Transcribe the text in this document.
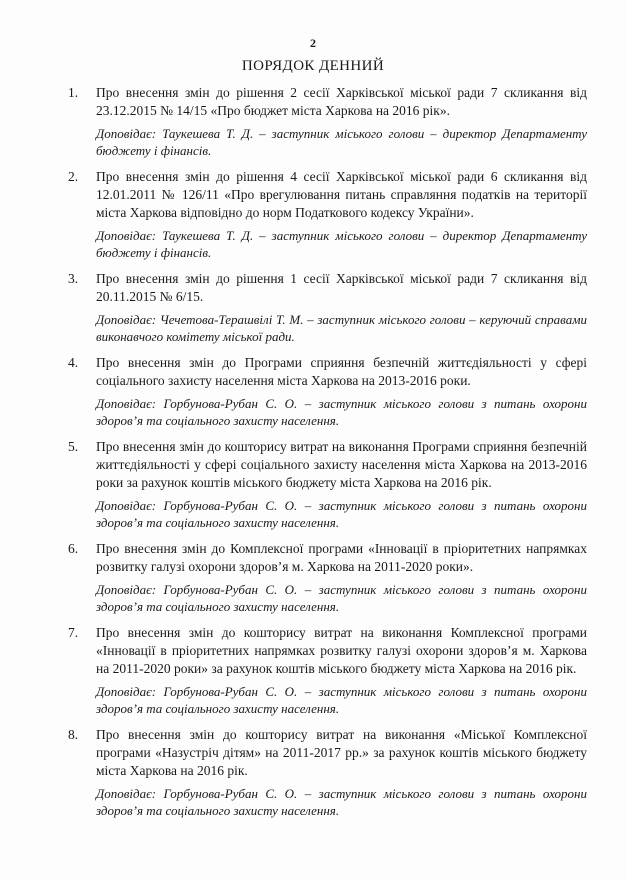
2
ПОРЯДОК ДЕННИЙ
1. Про внесення змін до рішення 2 сесії Харківської міської ради 7 скликання від 23.12.2015 № 14/15 «Про бюджет міста Харкова на 2016 рік».

Доповідає: Таукешева Т. Д. – заступник міського голови – директор Департаменту бюджету і фінансів.

2. Про внесення змін до рішення 4 сесії Харківської міської ради 6 скликання від 12.01.2011 № 126/11 «Про врегулювання питань справляння податків на території міста Харкова відповідно до норм Податкового кодексу України».

Доповідає: Таукешева Т. Д. – заступник міського голови – директор Департаменту бюджету і фінансів.

3. Про внесення змін до рішення 1 сесії Харківської міської ради 7 скликання від 20.11.2015 № 6/15.

Доповідає: Чечетова-Терашвілі Т. М. – заступник міського голови – керуючий справами виконавчого комітету міської ради.

4. Про внесення змін до Програми сприяння безпечній життєдіяльності у сфері соціального захисту населення міста Харкова на 2013-2016 роки.

Доповідає: Горбунова-Рубан С. О. – заступник міського голови з питань охорони здоров’я та соціального захисту населення.

5. Про внесення змін до кошторису витрат на виконання Програми сприяння безпечній життєдіяльності у сфері соціального захисту населення міста Харкова на 2013-2016 роки за рахунок коштів міського бюджету міста Харкова на 2016 рік.

Доповідає: Горбунова-Рубан С. О. – заступник міського голови з питань охорони здоров’я та соціального захисту населення.

6. Про внесення змін до Комплексної програми «Інновації в пріоритетних напрямках розвитку галузі охорони здоров’я м. Харкова на 2011-2020 роки».

Доповідає: Горбунова-Рубан С. О. – заступник міського голови з питань охорони здоров’я та соціального захисту населення.

7. Про внесення змін до кошторису витрат на виконання Комплексної програми «Інновації в пріоритетних напрямках розвитку галузі охорони здоров’я м. Харкова на 2011-2020 роки» за рахунок коштів міського бюджету міста Харкова на 2016 рік.

Доповідає: Горбунова-Рубан С. О. – заступник міського голови з питань охорони здоров’я та соціального захисту населення.

8. Про внесення змін до кошторису витрат на виконання «Міської Комплексної програми «Назустріч дітям» на 2011-2017 рр.» за рахунок коштів міського бюджету міста Харкова на 2016 рік.

Доповідає: Горбунова-Рубан С. О. – заступник міського голови з питань охорони здоров’я та соціального захисту населення.
